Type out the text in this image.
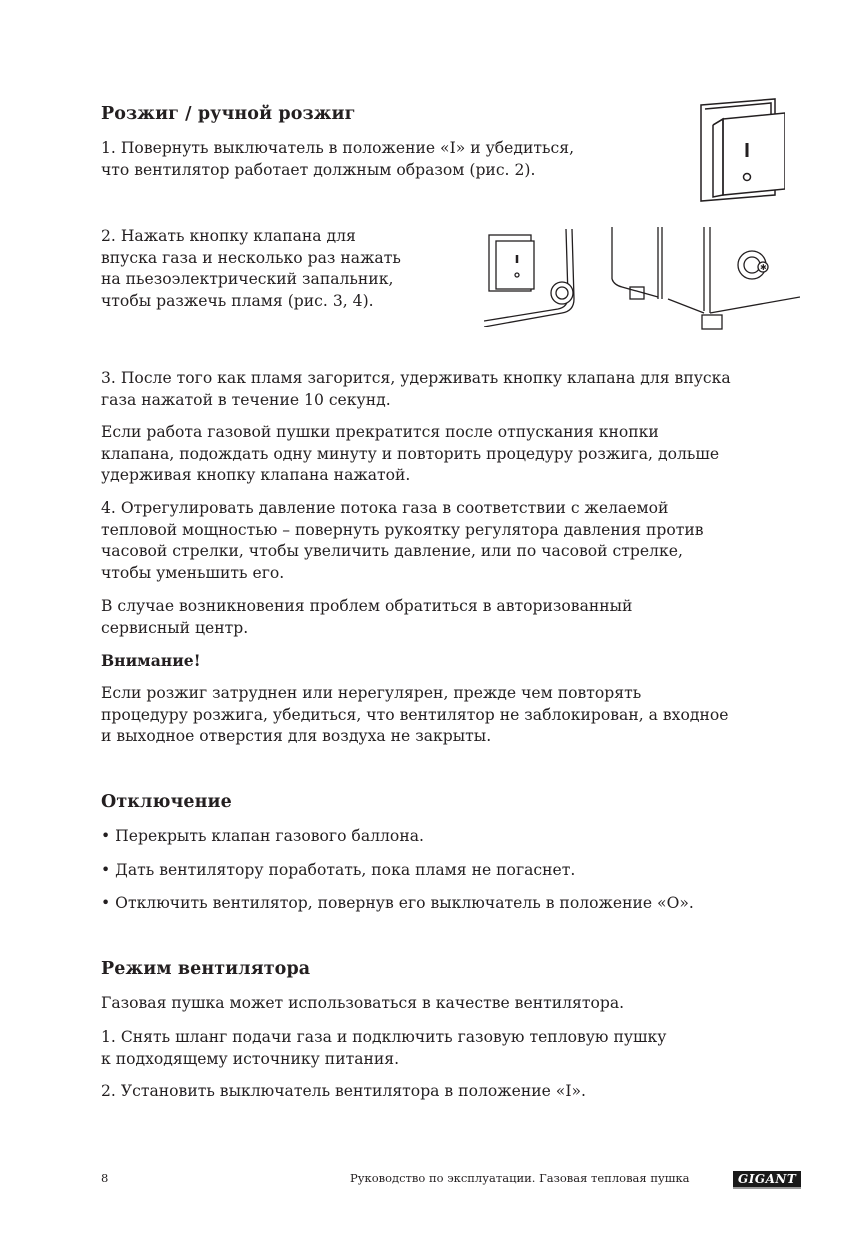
Розжиг / ручной розжиг

1. Повернуть выключатель в положение «I» и убедиться,

что вентилятор работает должным образом (рис. 2).

2. Нажать кнопку клапана для

впуска газа и несколько раз нажать

на пьезоэлектрический запальник,

чтобы разжечь пламя (рис. 3, 4).

✱

3. После того как пламя загорится, удерживать кнопку клапана для впуска

газа нажатой в течение 10 секунд.

Если работа газовой пушки прекратится после отпускания кнопки

клапана, подождать одну минуту и повторить процедуру розжига, дольше

удерживая кнопку клапана нажатой.

4. Отрегулировать давление потока газа в соответствии с желаемой

тепловой мощностью – повернуть рукоятку регулятора давления против

часовой стрелки, чтобы увеличить давление, или по часовой стрелке,

чтобы уменьшить его.

В случае возникновения проблем обратиться в авторизованный

сервисный центр.

Внимание!

Если розжиг затруднен или нерегулярен, прежде чем повторять

процедуру розжига, убедиться, что вентилятор не заблокирован, а входное

и выходное отверстия для воздуха не закрыты.

Отключение

• Перекрыть клапан газового баллона.

• Дать вентилятору поработать, пока пламя не погаснет.

• Отключить вентилятор, повернув его выключатель в положение «O».

Режим вентилятора

Газовая пушка может использоваться в качестве вентилятора.

1. Снять шланг подачи газа и подключить газовую тепловую пушку

к подходящему источнику питания.

2. Установить выключатель вентилятора в положение «I».

8	Руководство по эксплуатации. Газовая тепловая пушка	GIGANT
